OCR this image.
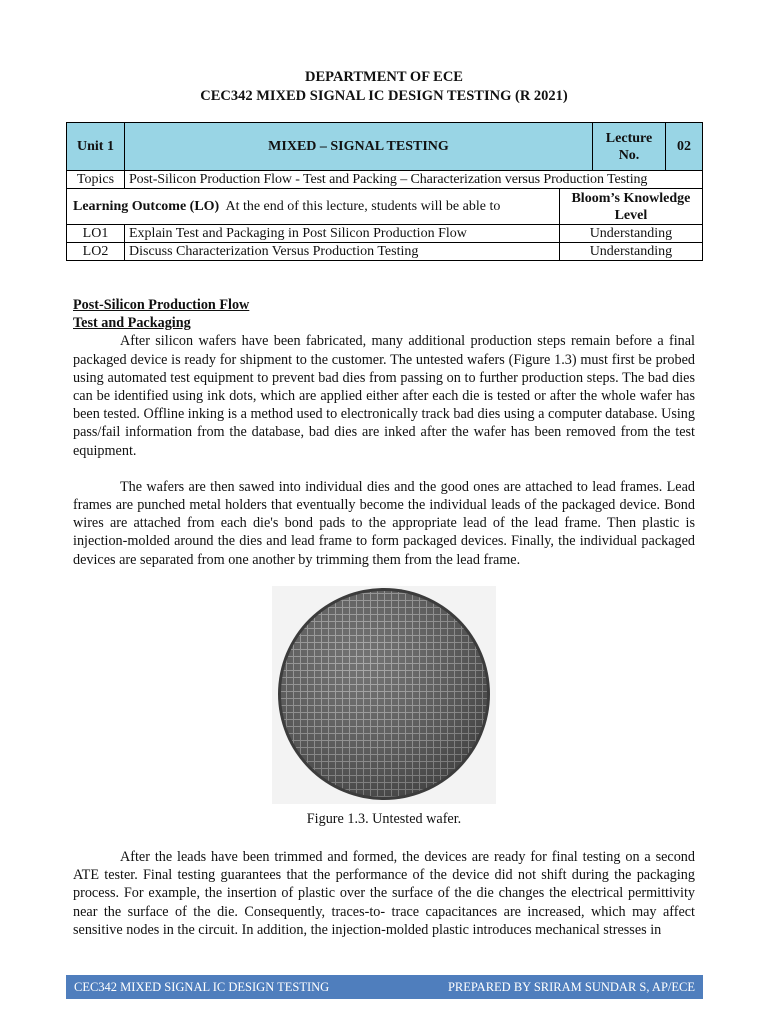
DEPARTMENT OF ECE
CEC342 MIXED SIGNAL IC DESIGN TESTING (R 2021)
Unit 1	MIXED – SIGNAL TESTING		Lecture No.	02
Topics	Post-Silicon Production Flow - Test and Packing – Characterization versus Production Testing			
Learning Outcome (LO) At the end of this lecture, students will be able to		Bloom’s Knowledge Level		
LO1	Explain Test and Packaging in Post Silicon Production Flow	Understanding		
LO2	Discuss Characterization Versus Production Testing	Understanding		
Post-Silicon Production Flow
Test and Packaging

After silicon wafers have been fabricated, many additional production steps remain before a final packaged device is ready for shipment to the customer. The untested wafers (Figure 1.3) must first be probed using automated test equipment to prevent bad dies from passing on to further production steps. The bad dies can be identified using ink dots, which are applied either after each die is tested or after the whole wafer has been tested. Offline inking is a method used to electronically track bad dies using a computer database. Using pass/fail information from the database, bad dies are inked after the wafer has been removed from the test equipment.

The wafers are then sawed into individual dies and the good ones are attached to lead frames. Lead frames are punched metal holders that eventually become the individual leads of the packaged device. Bond wires are attached from each die's bond pads to the appropriate lead of the lead frame. Then plastic is injection-molded around the dies and lead frame to form packaged devices. Finally, the individual packaged devices are separated from one another by trimming them from the lead frame.

Figure 1.3. Untested wafer.

After the leads have been trimmed and formed, the devices are ready for final testing on a second ATE tester. Final testing guarantees that the performance of the device did not shift during the packaging process. For example, the insertion of plastic over the surface of the die changes the electrical permittivity near the surface of the die. Consequently, traces-to- trace capacitances are increased, which may affect sensitive nodes in the circuit. In addition, the injection-molded plastic introduces mechanical stresses in

CEC342 MIXED SIGNAL IC DESIGN TESTING	PREPARED BY SRIRAM SUNDAR S, AP/ECE
